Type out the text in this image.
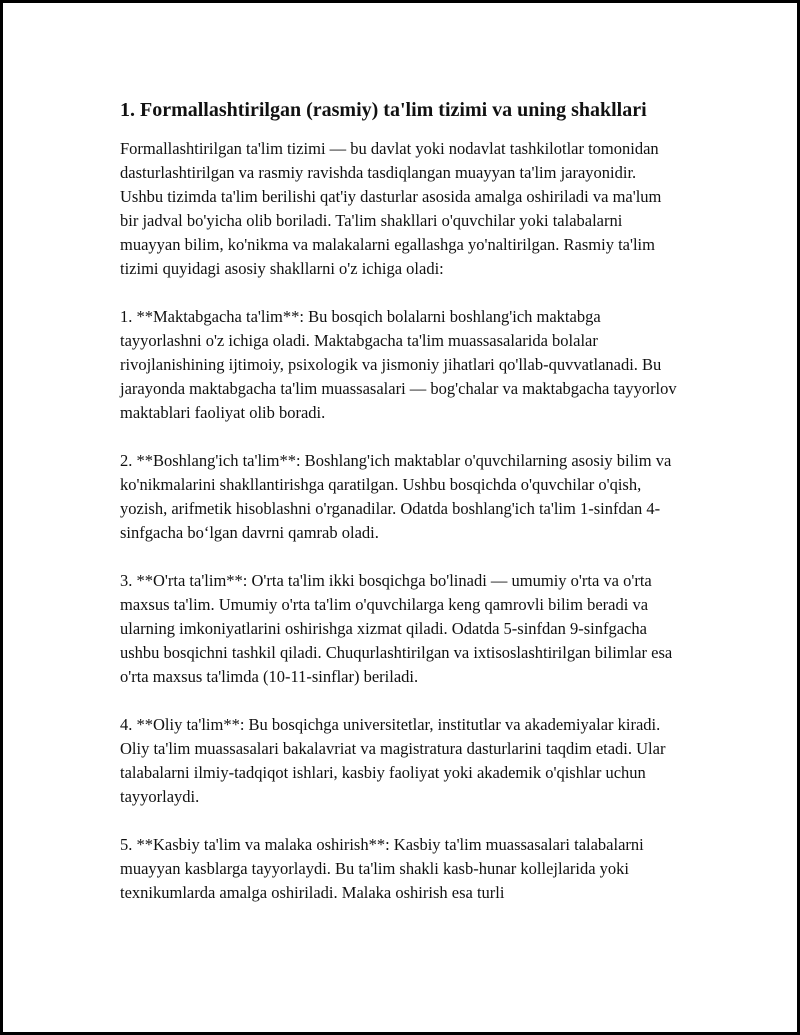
1. Formallashtirilgan (rasmiy) ta'lim tizimi va uning shakllari

Formallashtirilgan ta'lim tizimi — bu davlat yoki nodavlat tashkilotlar tomonidan dasturlashtirilgan va rasmiy ravishda tasdiqlangan muayyan ta'lim jarayonidir. Ushbu tizimda ta'lim berilishi qat'iy dasturlar asosida amalga oshiriladi va ma'lum bir jadval bo'yicha olib boriladi. Ta'lim shakllari o'quvchilar yoki talabalarni muayyan bilim, ko'nikma va malakalarni egallashga yo'naltirilgan. Rasmiy ta'lim tizimi quyidagi asosiy shakllarni o'z ichiga oladi:

1. **Maktabgacha ta'lim**: Bu bosqich bolalarni boshlang'ich maktabga tayyorlashni o'z ichiga oladi. Maktabgacha ta'lim muassasalarida bolalar rivojlanishining ijtimoiy, psixologik va jismoniy jihatlari qo'llab-quvvatlanadi. Bu jarayonda maktabgacha ta'lim muassasalari — bog'chalar va maktabgacha tayyorlov maktablari faoliyat olib boradi.

2. **Boshlang'ich ta'lim**: Boshlang'ich maktablar o'quvchilarning asosiy bilim va ko'nikmalarini shakllantirishga qaratilgan. Ushbu bosqichda o'quvchilar o'qish, yozish, arifmetik hisoblashni o'rganadilar. Odatda boshlang'ich ta'lim 1-sinfdan 4-sinfgacha bo‘lgan davrni qamrab oladi.

3. **O'rta ta'lim**: O'rta ta'lim ikki bosqichga bo'linadi — umumiy o'rta va o'rta maxsus ta'lim. Umumiy o'rta ta'lim o'quvchilarga keng qamrovli bilim beradi va ularning imkoniyatlarini oshirishga xizmat qiladi. Odatda 5-sinfdan 9-sinfgacha ushbu bosqichni tashkil qiladi. Chuqurlashtirilgan va ixtisoslashtirilgan bilimlar esa o'rta maxsus ta'limda (10-11-sinflar) beriladi.

4. **Oliy ta'lim**: Bu bosqichga universitetlar, institutlar va akademiyalar kiradi. Oliy ta'lim muassasalari bakalavriat va magistratura dasturlarini taqdim etadi. Ular talabalarni ilmiy-tadqiqot ishlari, kasbiy faoliyat yoki akademik o'qishlar uchun tayyorlaydi.

5. **Kasbiy ta'lim va malaka oshirish**: Kasbiy ta'lim muassasalari talabalarni muayyan kasblarga tayyorlaydi. Bu ta'lim shakli kasb-hunar kollejlarida yoki texnikumlarda amalga oshiriladi. Malaka oshirish esa turli
